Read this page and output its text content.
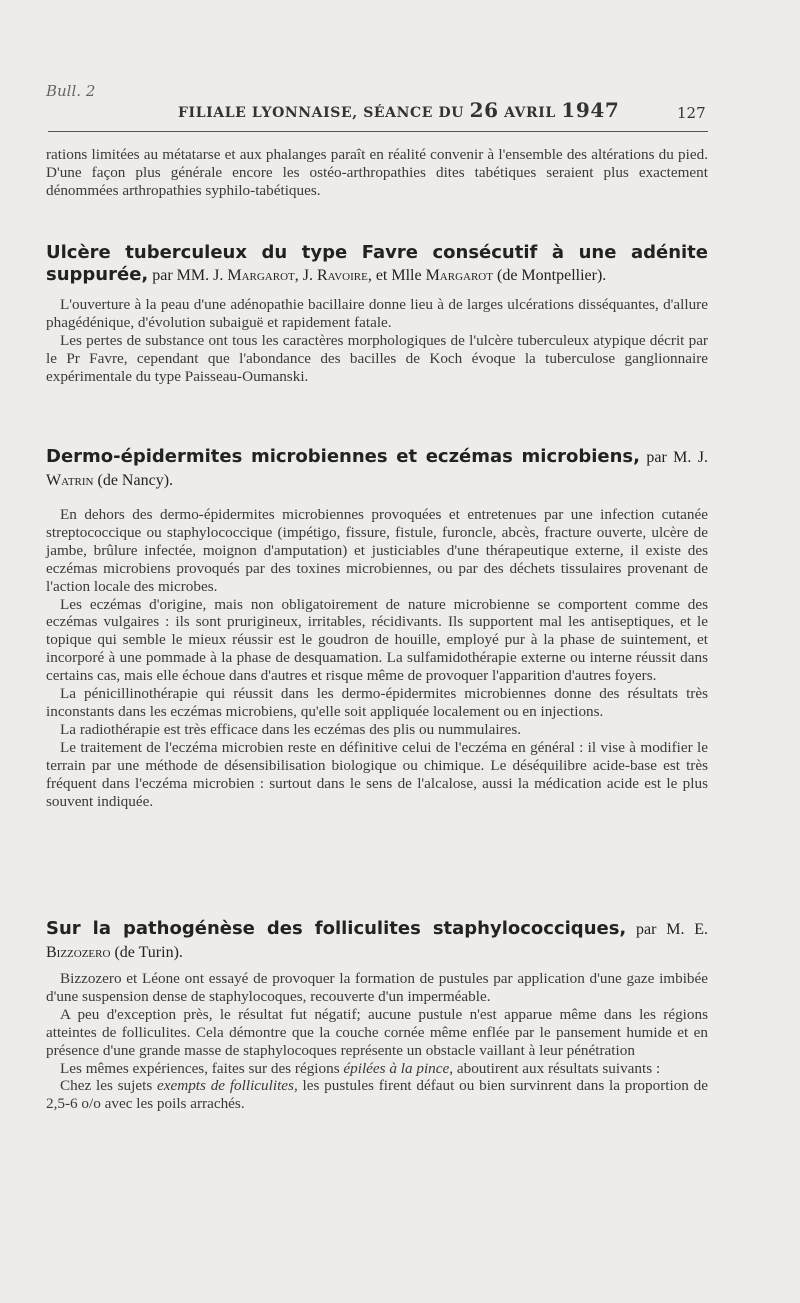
Bull. 2
FILIALE LYONNAISE, SÉANCE DU 26 AVRIL 1947	127

rations limitées au métatarse et aux phalanges paraît en réalité convenir à l'ensemble des altérations du pied. D'une façon plus générale encore les ostéo-arthropathies dites tabétiques seraient plus exactement dénommées arthropathies syphilo-tabétiques.

Ulcère tuberculeux du type Favre consécutif à une adénite suppurée, par MM. J. Margarot, J. Ravoire, et Mlle Margarot (de Montpellier).

L'ouverture à la peau d'une adénopathie bacillaire donne lieu à de larges ulcérations disséquantes, d'allure phagédénique, d'évolution subaiguë et rapidement fatale.

Les pertes de substance ont tous les caractères morphologiques de l'ulcère tuberculeux atypique décrit par le Pr Favre, cependant que l'abondance des bacilles de Koch évoque la tuberculose ganglionnaire expérimentale du type Paisseau-Oumanski.

Dermo-épidermites microbiennes et eczémas microbiens, par M. J. Watrin (de Nancy).

En dehors des dermo-épidermites microbiennes provoquées et entretenues par une infection cutanée streptococcique ou staphylococcique (impétigo, fissure, fistule, furoncle, abcès, fracture ouverte, ulcère de jambe, brûlure infectée, moignon d'amputation) et justiciables d'une thérapeutique externe, il existe des eczémas microbiens provoqués par des toxines microbiennes, ou par des déchets tissulaires provenant de l'action locale des microbes.

Les eczémas d'origine, mais non obligatoirement de nature microbienne se comportent comme des eczémas vulgaires : ils sont prurigineux, irritables, récidivants. Ils supportent mal les antiseptiques, et le topique qui semble le mieux réussir est le goudron de houille, employé pur à la phase de suintement, et incorporé à une pommade à la phase de desquamation. La sulfamidothérapie externe ou interne réussit dans certains cas, mais elle échoue dans d'autres et risque même de provoquer l'apparition d'autres foyers.

La pénicillinothérapie qui réussit dans les dermo-épidermites microbiennes donne des résultats très inconstants dans les eczémas microbiens, qu'elle soit appliquée localement ou en injections.

La radiothérapie est très efficace dans les eczémas des plis ou nummulaires.

Le traitement de l'eczéma microbien reste en définitive celui de l'eczéma en général : il vise à modifier le terrain par une méthode de désensibilisation biologique ou chimique. Le déséquilibre acide-base est très fréquent dans l'eczéma microbien : surtout dans le sens de l'alcalose, aussi la médication acide est le plus souvent indiquée.

Sur la pathogénèse des folliculites staphylococciques, par M. E. Bizzozero (de Turin).

Bizzozero et Léone ont essayé de provoquer la formation de pustules par application d'une gaze imbibée d'une suspension dense de staphylocoques, recouverte d'un imperméable.

A peu d'exception près, le résultat fut négatif; aucune pustule n'est apparue même dans les régions atteintes de folliculites. Cela démontre que la couche cornée même enflée par le pansement humide et en présence d'une grande masse de staphylocoques représente un obstacle vaillant à leur pénétration

Les mêmes expériences, faites sur des régions épilées à la pince, aboutirent aux résultats suivants :

Chez les sujets exempts de folliculites, les pustules firent défaut ou bien survinrent dans la proportion de 2,5-6 o/o avec les poils arrachés.
